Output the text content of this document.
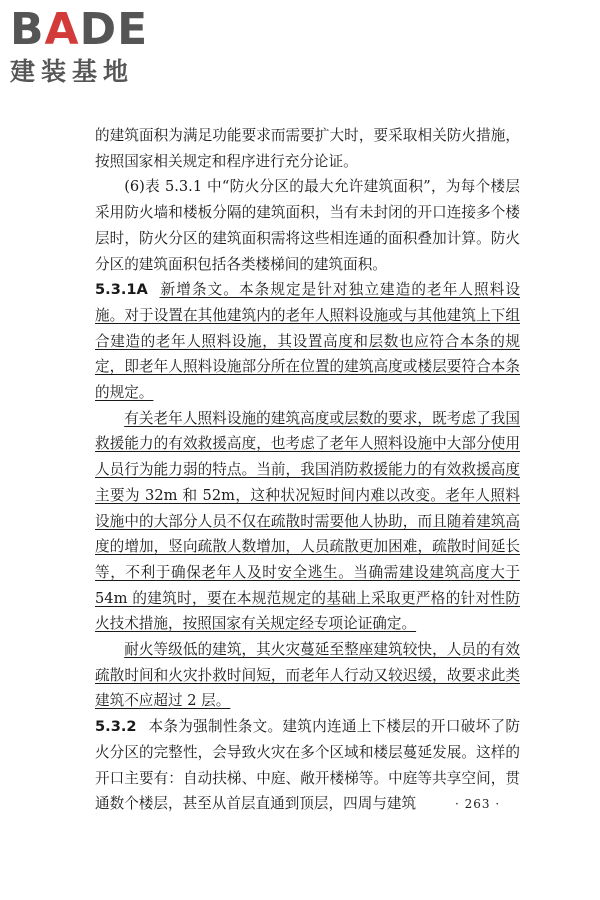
BADE
建装基地

的建筑面积为满足功能要求而需要扩大时，要采取相关防火措施，按照国家相关规定和程序进行充分论证。

(6)表 5.3.1 中“防火分区的最大允许建筑面积”，为每个楼层采用防火墙和楼板分隔的建筑面积，当有未封闭的开口连接多个楼层时，防火分区的建筑面积需将这些相连通的面积叠加计算。防火分区的建筑面积包括各类楼梯间的建筑面积。

5.3.1A 新增条文。本条规定是针对独立建造的老年人照料设施。对于设置在其他建筑内的老年人照料设施或与其他建筑上下组合建造的老年人照料设施，其设置高度和层数也应符合本条的规定，即老年人照料设施部分所在位置的建筑高度或楼层要符合本条的规定。

有关老年人照料设施的建筑高度或层数的要求，既考虑了我国救援能力的有效救援高度，也考虑了老年人照料设施中大部分使用人员行为能力弱的特点。当前，我国消防救援能力的有效救援高度主要为 32m 和 52m，这种状况短时间内难以改变。老年人照料设施中的大部分人员不仅在疏散时需要他人协助，而且随着建筑高度的增加，竖向疏散人数增加，人员疏散更加困难，疏散时间延长等，不利于确保老年人及时安全逃生。当确需建设建筑高度大于 54m 的建筑时，要在本规范规定的基础上采取更严格的针对性防火技术措施，按照国家有关规定经专项论证确定。

耐火等级低的建筑，其火灾蔓延至整座建筑较快，人员的有效疏散时间和火灾扑救时间短，而老年人行动又较迟缓，故要求此类建筑不应超过 2 层。

5.3.2 本条为强制性条文。建筑内连通上下楼层的开口破坏了防火分区的完整性，会导致火灾在多个区域和楼层蔓延发展。这样的开口主要有：自动扶梯、中庭、敞开楼梯等。中庭等共享空间，贯通数个楼层，甚至从首层直通到顶层，四周与建筑	· 263 ·
